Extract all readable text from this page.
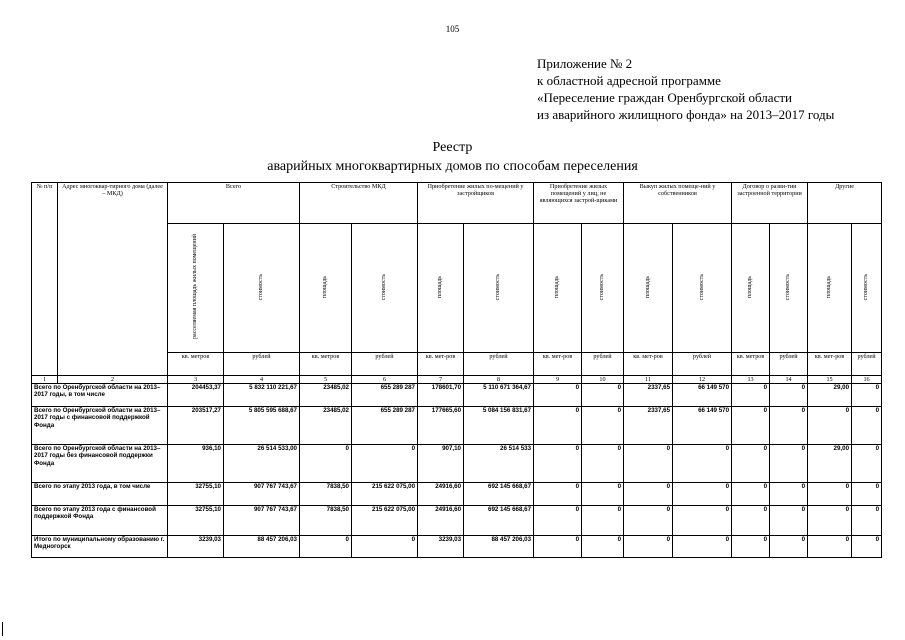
105
Приложение № 2
к областной адресной программе
«Переселение граждан Оренбургской области
из аварийного жилищного фонда» на 2013–2017 годы
Реестр
аварийных многоквартирных домов по способам переселения
№ п/п	Адрес многоквар-тирного дома (далее – МКД)	Всего		Строительство МКД		Приобретение жилых по-мещений у застройщиков		Приобретение жилых помещений у лиц, не являющихся застрой-щиками		Выкуп жилых помеще-ний у собственников		Договор о разви-тии застроенной территории		Другие	
		расселяемая площадь жилых помещений	стоимость	площадь	стоимость	площадь	стоимость	площадь	стоимость	площадь	стоимость	площадь	стоимость	площадь	стоимость
		кв. метров	рублей	кв. метров	рублей	кв. мет-ров	рублей	кв. мет-ров	рублей	кв. мет-ров	рублей	кв. метров	рублей	кв. мет-ров	рублей
1	2	3	4	5	6	7	8	9	10	11	12	13	14	15	16
Всего по Оренбургской области на 2013–2017 годы, в том числе		204453,37	5 832 110 221,67	23485,02	655 289 287	178601,70	5 110 671 364,67	0	0	2337,65	66 149 570	0	0	29,00	0
Всего по Оренбургской области на 2013–2017 годы с финансовой поддержкой Фонда		203517,27	5 805 595 688,67	23485,02	655 289 287	177665,60	5 084 156 831,67	0	0	2337,65	66 149 570	0	0	0	0
Всего по Оренбургской области на 2013–2017 годы без финансовой поддержки Фонда		936,10	26 514 533,00	0	0	907,10	26 514 533	0	0	0	0	0	0	29,00	0
Всего по этапу 2013 года, в том числе		32755,10	907 767 743,67	7838,50	215 622 075,00	24916,60	692 145 668,67	0	0	0	0	0	0	0	0
Всего по этапу 2013 года с финансовой поддержкой Фонда		32755,10	907 767 743,67	7838,50	215 622 075,00	24916,60	692 145 668,67	0	0	0	0	0	0	0	0
Итого по муниципальному образованию г. Медногорск		3239,03	88 457 206,03	0	0	3239,03	88 457 206,03	0	0	0	0	0	0	0	0
